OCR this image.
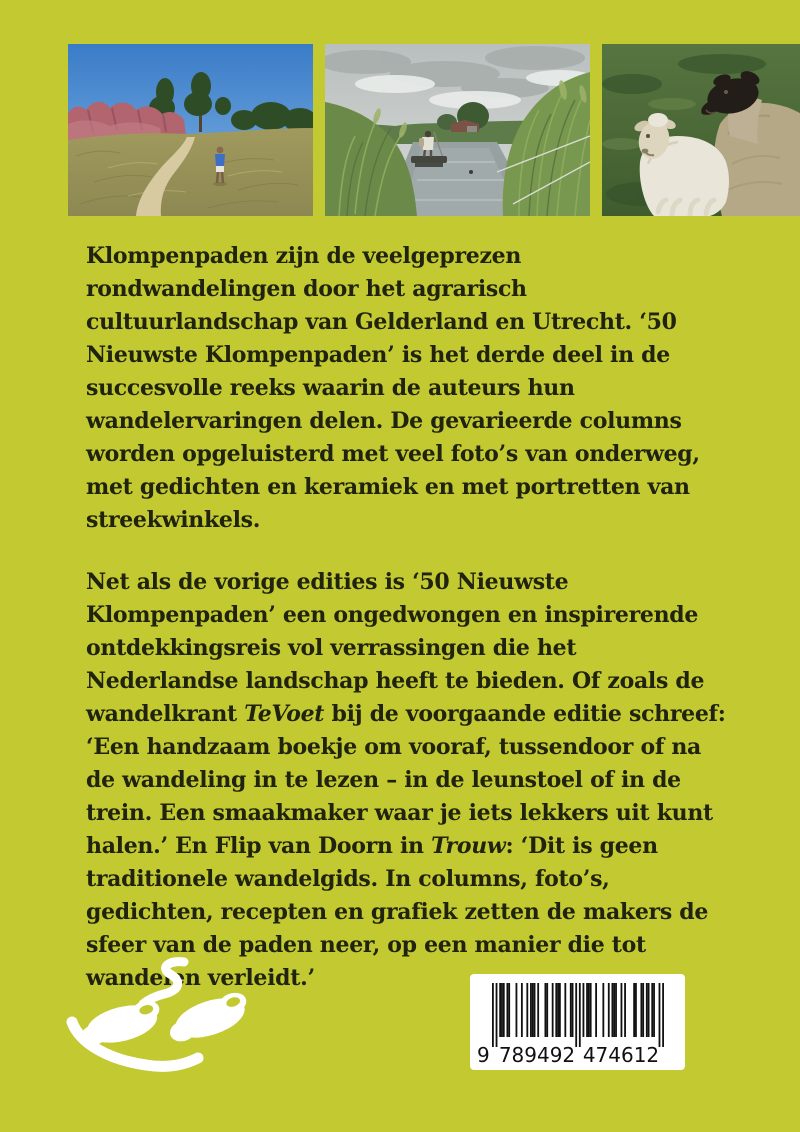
Klompenpaden zijn de veelgeprezen rondwandelingen door het agrarisch cultuurlandschap van Gelderland en Utrecht. ‘50 Nieuwste Klompenpaden’ is het derde deel in de succesvolle reeks waarin de auteurs hun wandelervaringen delen. De gevarieerde columns worden opgeluisterd met veel foto’s van onderweg, met gedichten en keramiek en met portretten van streekwinkels.

Net als de vorige edities is ‘50 Nieuwste Klompenpaden’ een ongedwongen en inspirerende ontdekkingsreis vol verrassingen die het Nederlandse landschap heeft te bieden. Of zoals de wandelkrant TeVoet bij de voorgaande editie schreef: ‘Een handzaam boekje om vooraf, tussendoor of na de wandeling in te lezen – in de leunstoel of in de trein. Een smaakmaker waar je iets lekkers uit kunt halen.’ En Flip van Doorn in Trouw: ‘Dit is geen traditionele wandelgids. In columns, foto’s, gedichten, recepten en grafiek zetten de makers de sfeer van de paden neer, op een manier die tot wandelen verleidt.’

9 789492 474612
